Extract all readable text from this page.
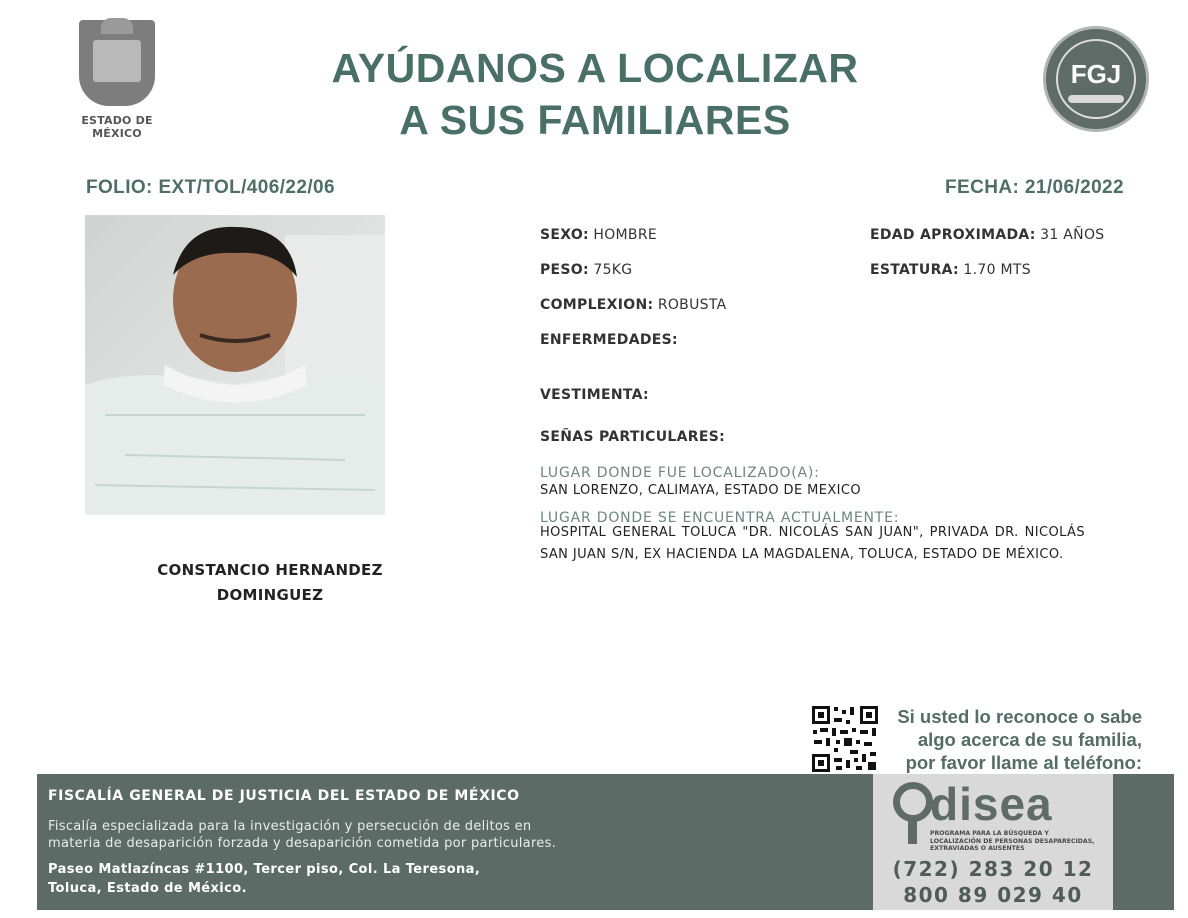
ESTADO DE MÉXICO
AYÚDANOS A LOCALIZAR
A SUS FAMILIARES
FGJ
FOLIO: EXT/TOL/406/22/06	FECHA: 21/06/2022
CONSTANCIO HERNANDEZ
DOMINGUEZ
SEXO: HOMBRE
PESO: 75KG
COMPLEXION: ROBUSTA
ENFERMEDADES:
VESTIMENTA:
SEÑAS PARTICULARES:
EDAD APROXIMADA: 31 AÑOS
ESTATURA: 1.70 MTS
LUGAR DONDE FUE LOCALIZADO(A):
SAN LORENZO, CALIMAYA, ESTADO DE MEXICO
LUGAR DONDE SE ENCUENTRA ACTUALMENTE:
HOSPITAL GENERAL TOLUCA "DR. NICOLÁS SAN JUAN", PRIVADA DR. NICOLÁS SAN JUAN S/N, EX HACIENDA LA MAGDALENA, TOLUCA, ESTADO DE MÉXICO.
Si usted lo reconoce o sabe
algo acerca de su familia,
por favor llame al teléfono:
FISCALÍA GENERAL DE JUSTICIA DEL ESTADO DE MÉXICO
Fiscalía especializada para la investigación y persecución de delitos en
materia de desaparición forzada y desaparición cometida por particulares.
Paseo Matlazíncas #1100, Tercer piso, Col. La Teresona,
Toluca, Estado de México.
disea
PROGRAMA PARA LA BÚSQUEDA Y LOCALIZACIÓN DE PERSONAS DESAPARECIDAS, EXTRAVIADAS O AUSENTES
(722) 283 20 12
800 89 029 40
